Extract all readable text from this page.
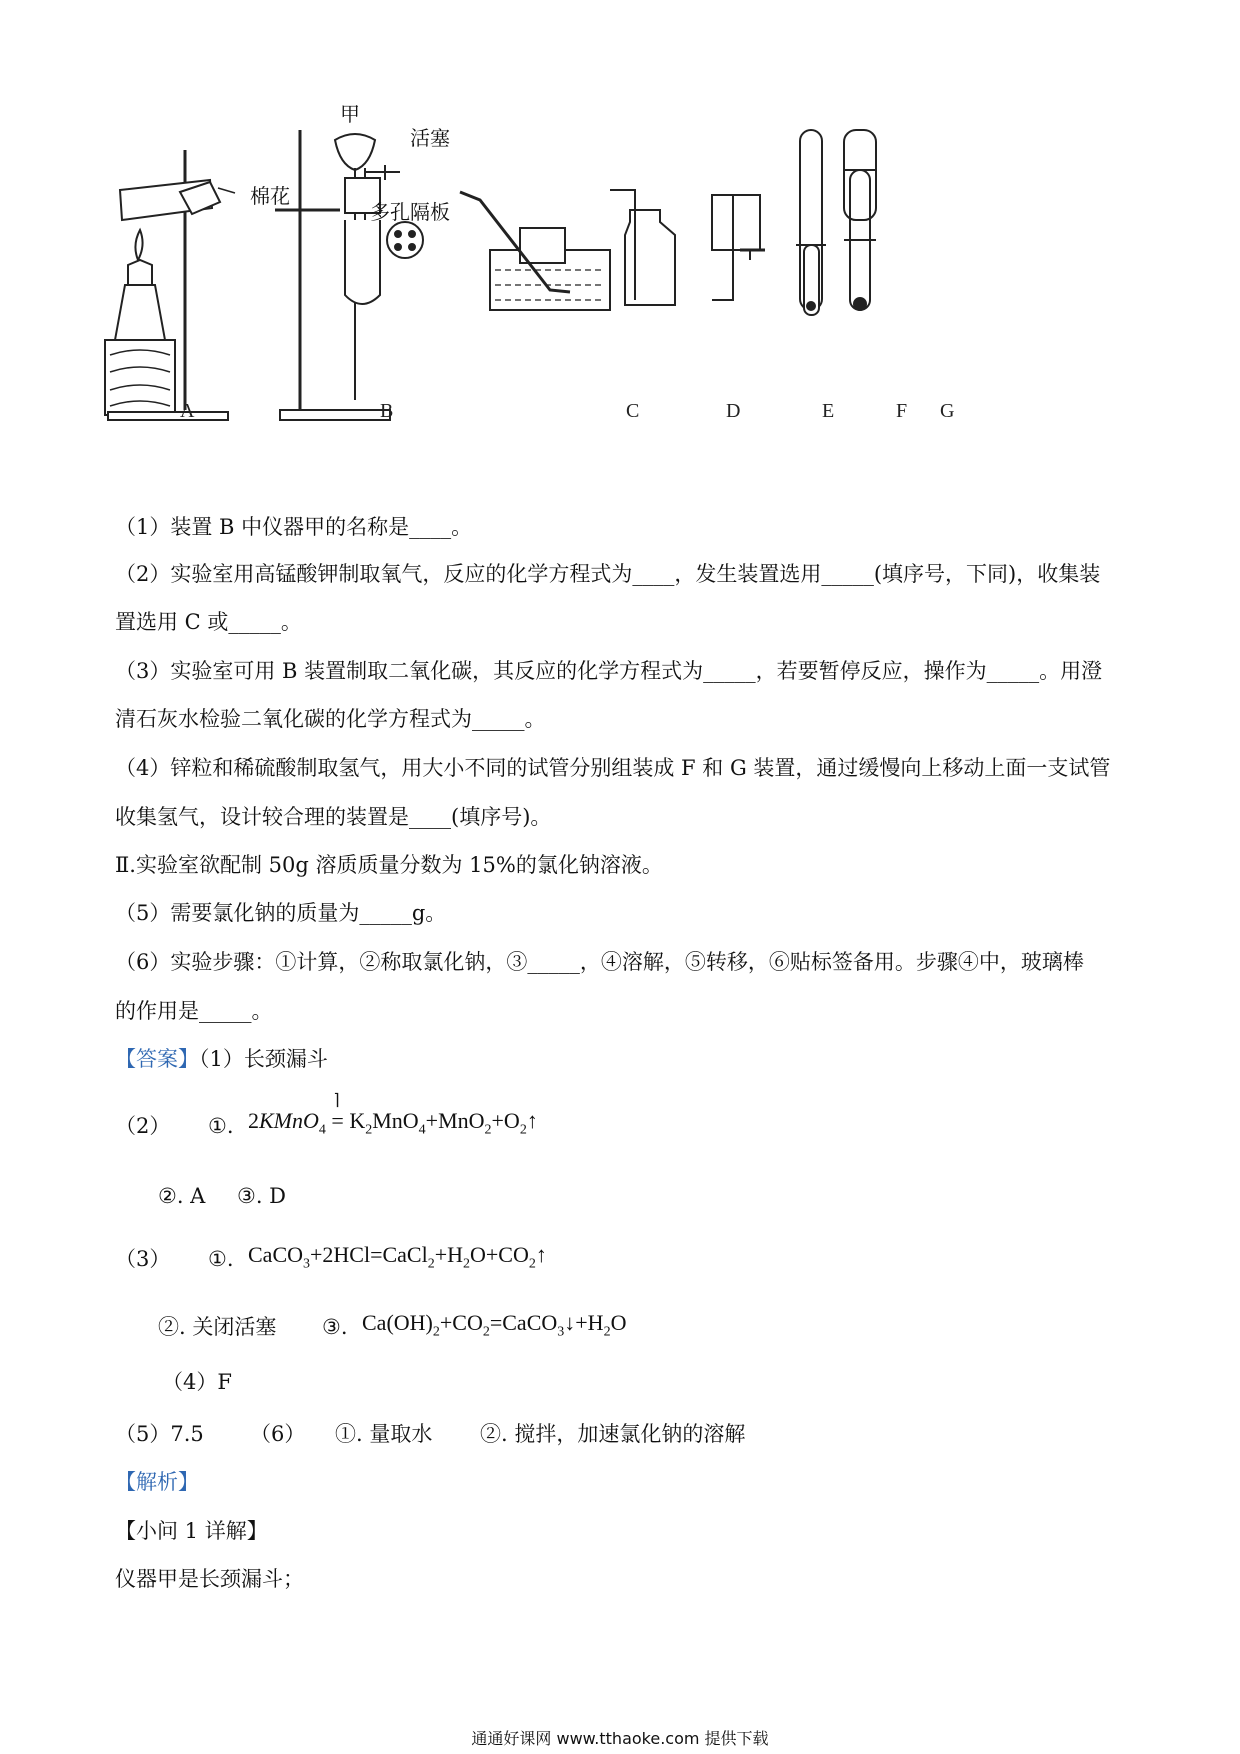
甲
活塞
棉花
多孔隔板
A	B	C	D	E	F G
（1）装置 B 中仪器甲的名称是____。
（2）实验室用高锰酸钾制取氧气，反应的化学方程式为____，发生装置选用_____(填序号，下同)，收集装
置选用 C 或_____。
（3）实验室可用 B 装置制取二氧化碳，其反应的化学方程式为_____，若要暂停反应，操作为_____。用澄
清石灰水检验二氧化碳的化学方程式为_____。
（4）锌粒和稀硫酸制取氢气，用大小不同的试管分别组装成 F 和 G 装置，通过缓慢向上移动上面一支试管
收集氢气，设计较合理的装置是____(填序号)。
Ⅱ.实验室欲配制 50g 溶质质量分数为 15%的氯化钠溶液。
（5）需要氯化钠的质量为_____g。
（6）实验步骤：①计算，②称取氯化钠，③_____，④溶解，⑤转移，⑥贴标签备用。步骤④中，玻璃棒
的作用是_____。
【答案】（1）长颈漏斗
（2）	①. 2KMnO$_4$ =
⌉
$K_2MnO_4+MnO_2+O_2↑$
②. A	③. D
（3）	①. $CaCO_3+2HCl=CaCl_2+H_2O+CO_2↑$
②. 关闭活塞	③. $Ca(OH)_2+CO_2=CaCO_3↓+H_2O$
（4）F
（5）7.5	（6） ①. 量取水	②. 搅拌，加速氯化钠的溶解
【解析】
【小问 1 详解】
仪器甲是长颈漏斗；
通通好课网 www.tthaoke.com 提供下载
